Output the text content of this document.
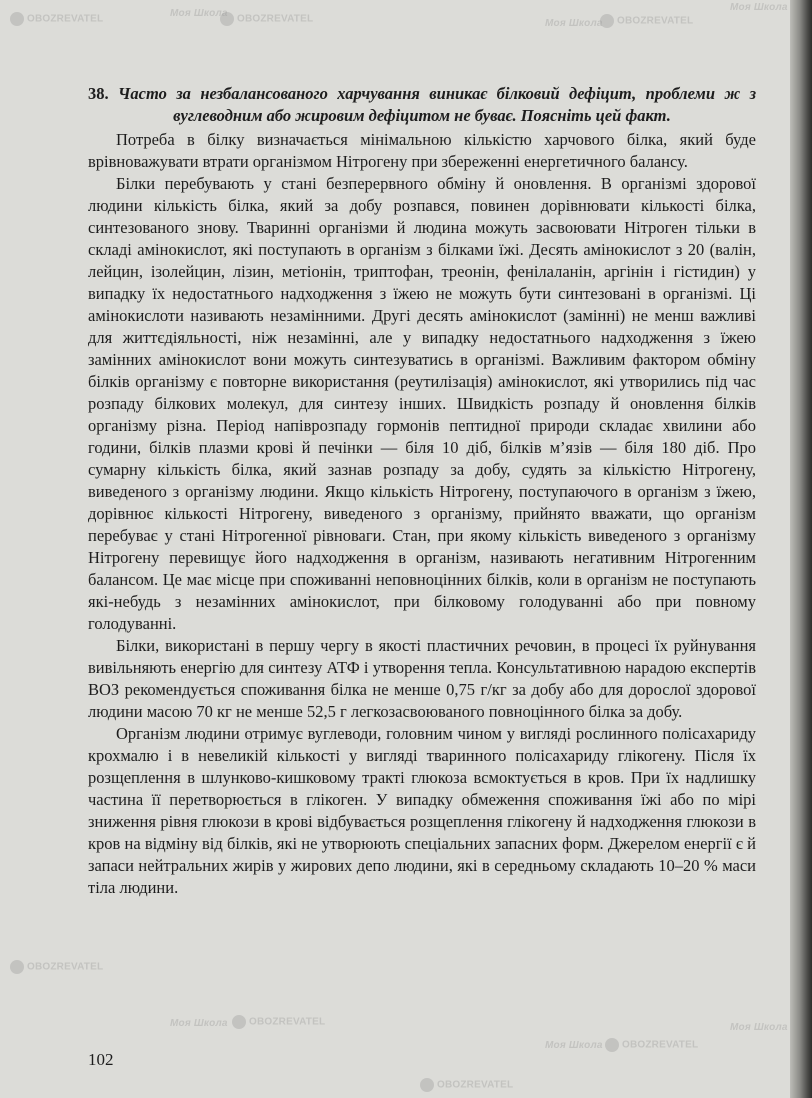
OBOZREVATEL
Моя Школа
OBOZREVATEL	Моя Школа	OBOZREVATEL
Моя Школа
OBOZREVATEL
Моя Школа	OBOZREVATEL
Моя Школа	OBOZREVATEL
OBOZREVATEL
Моя Школа
38. Часто за незбалансованого харчування виникає білковий дефіцит, проблеми ж з вуглеводним або жировим дефіцитом не буває. Поясніть цей факт.

Потреба в білку визначається мінімальною кількістю харчового білка, який буде врівноважувати втрати організмом Нітрогену при збереженні енергетичного балансу.

Білки перебувають у стані безперервного обміну й оновлення. В організмі здорової людини кількість білка, який за добу розпався, повинен дорівнювати кількості білка, синтезованого знову. Тваринні організми й людина можуть засвоювати Нітроген тільки в складі амінокислот, які поступають в організм з білками їжі. Десять амінокислот з 20 (валін, лейцин, ізолейцин, лізин, метіонін, триптофан, треонін, фенілаланін, аргінін і гістидин) у випадку їх недостатнього надходження з їжею не можуть бути синтезовані в організмі. Ці амінокислоти називають незамінними. Другі десять амінокислот (замінні) не менш важливі для життєдіяльності, ніж незамінні, але у випадку недостатнього надходження з їжею замінних амінокислот вони можуть синтезуватись в організмі. Важливим фактором обміну білків організму є повторне використання (реутилізація) амінокислот, які утворились під час розпаду білкових молекул, для синтезу інших. Швидкість розпаду й оновлення білків організму різна. Період напіврозпаду гормонів пептидної природи складає хвилини або години, білків плазми крові й печінки — біля 10 діб, білків м’язів — біля 180 діб. Про сумарну кількість білка, який зазнав розпаду за добу, судять за кількістю Нітрогену, виведеного з організму людини. Якщо кількість Нітрогену, поступаючого в організм з їжею, дорівнює кількості Нітрогену, виведеного з організму, прийнято вважати, що організм перебуває у стані Нітрогенної рівноваги. Стан, при якому кількість виведеного з організму Нітрогену перевищує його надходження в організм, називають негативним Нітрогенним балансом. Це має місце при споживанні неповноцінних білків, коли в організм не поступають які-небудь з незамінних амінокислот, при білковому голодуванні або при повному голодуванні.

Білки, використані в першу чергу в якості пластичних речовин, в процесі їх руйнування вивільняють енергію для синтезу АТФ і утворення тепла. Консультативною нарадою експертів ВОЗ рекомендується споживання білка не менше 0,75 г/кг за добу або для дорослої здорової людини масою 70 кг не менше 52,5 г легкозасвоюваного повноцінного білка за добу.

Організм людини отримує вуглеводи, головним чином у вигляді рослинного полісахариду крохмалю і в невеликій кількості у вигляді тваринного полісахариду глікогену. Після їх розщеплення в шлунково-кишковому тракті глюкоза всмоктується в кров. При їх надлишку частина її перетворюється в глікоген. У випадку обмеження споживання їжі або по мірі зниження рівня глюкози в крові відбувається розщеплення глікогену й надходження глюкози в кров на відміну від білків, які не утворюють спеціальних запасних форм. Джерелом енергії є й запаси нейтральних жирів у жирових депо людини, які в середньому складають 10–20 % маси тіла людини.

102
